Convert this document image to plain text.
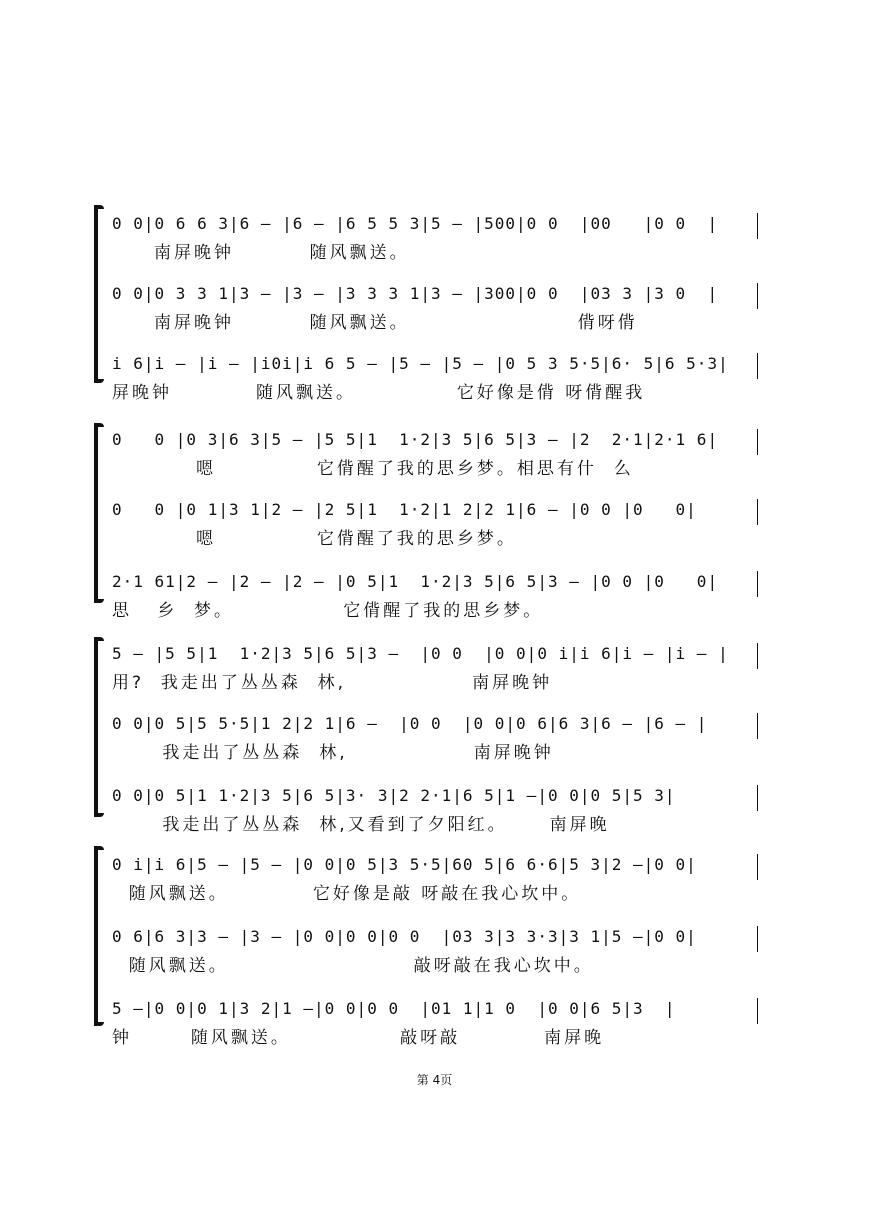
0 0|0 6 6 3|6 – |6 – |6 5 5 3|5 – |500|0 0  |00   |0 0  |
南屏晚钟         随风飘送。
0 0|0 3 3 1|3 – |3 – |3 3 3 1|3 – |300|0 0  |03 3 |3 0  |
南屏晚钟         随风飘送。                    偝呀偝
i 6|i – |i – |i0i|i 6 5 – |5 – |5 – |0 5 3 5·5|6· 5|6 5·3|
屏晚钟          随风飘送。            它好像是偝 呀偝醒我
0   0 |0 3|6 3|5 – |5 5|1  1·2|3 5|6 5|3 – |2  2·1|2·1 6|
嗯            它偝醒了我的思乡梦。相思有什  么
0   0 |0 1|3 1|2 – |2 5|1  1·2|1 2|2 1|6 – |0 0 |0   0|
嗯            它偝醒了我的思乡梦。
2·1 61|2 – |2 – |2 – |0 5|1  1·2|3 5|6 5|3 – |0 0 |0   0|
思   乡  梦。             它偝醒了我的思乡梦。
5 – |5 5|1  1·2|3 5|6 5|3 –  |0 0  |0 0|0 i|i 6|i – |i – |
用?  我走出了丛丛森  林,               南屏晚钟
0 0|0 5|5 5·5|1 2|2 1|6 –  |0 0  |0 0|0 6|6 3|6 – |6 – |
我走出了丛丛森  林,               南屏晚钟
0 0|0 5|1 1·2|3 5|6 5|3· 3|2 2·1|6 5|1 –|0 0|0 5|5 3|
我走出了丛丛森  林,又看到了夕阳红。     南屏晚
0 i|i 6|5 – |5 – |0 0|0 5|3 5·5|60 5|6 6·6|5 3|2 –|0 0|
随风飘送。          它好像是敲 呀敲在我心坎中。
0 6|6 3|3 – |3 – |0 0|0 0|0 0  |03 3|3 3·3|3 1|5 –|0 0|
随风飘送。                      敲呀敲在我心坎中。
5 –|0 0|0 1|3 2|1 –|0 0|0 0  |01 1|1 0  |0 0|6 5|3  |
钟       随风飘送。             敲呀敲          南屏晚
第 4页
